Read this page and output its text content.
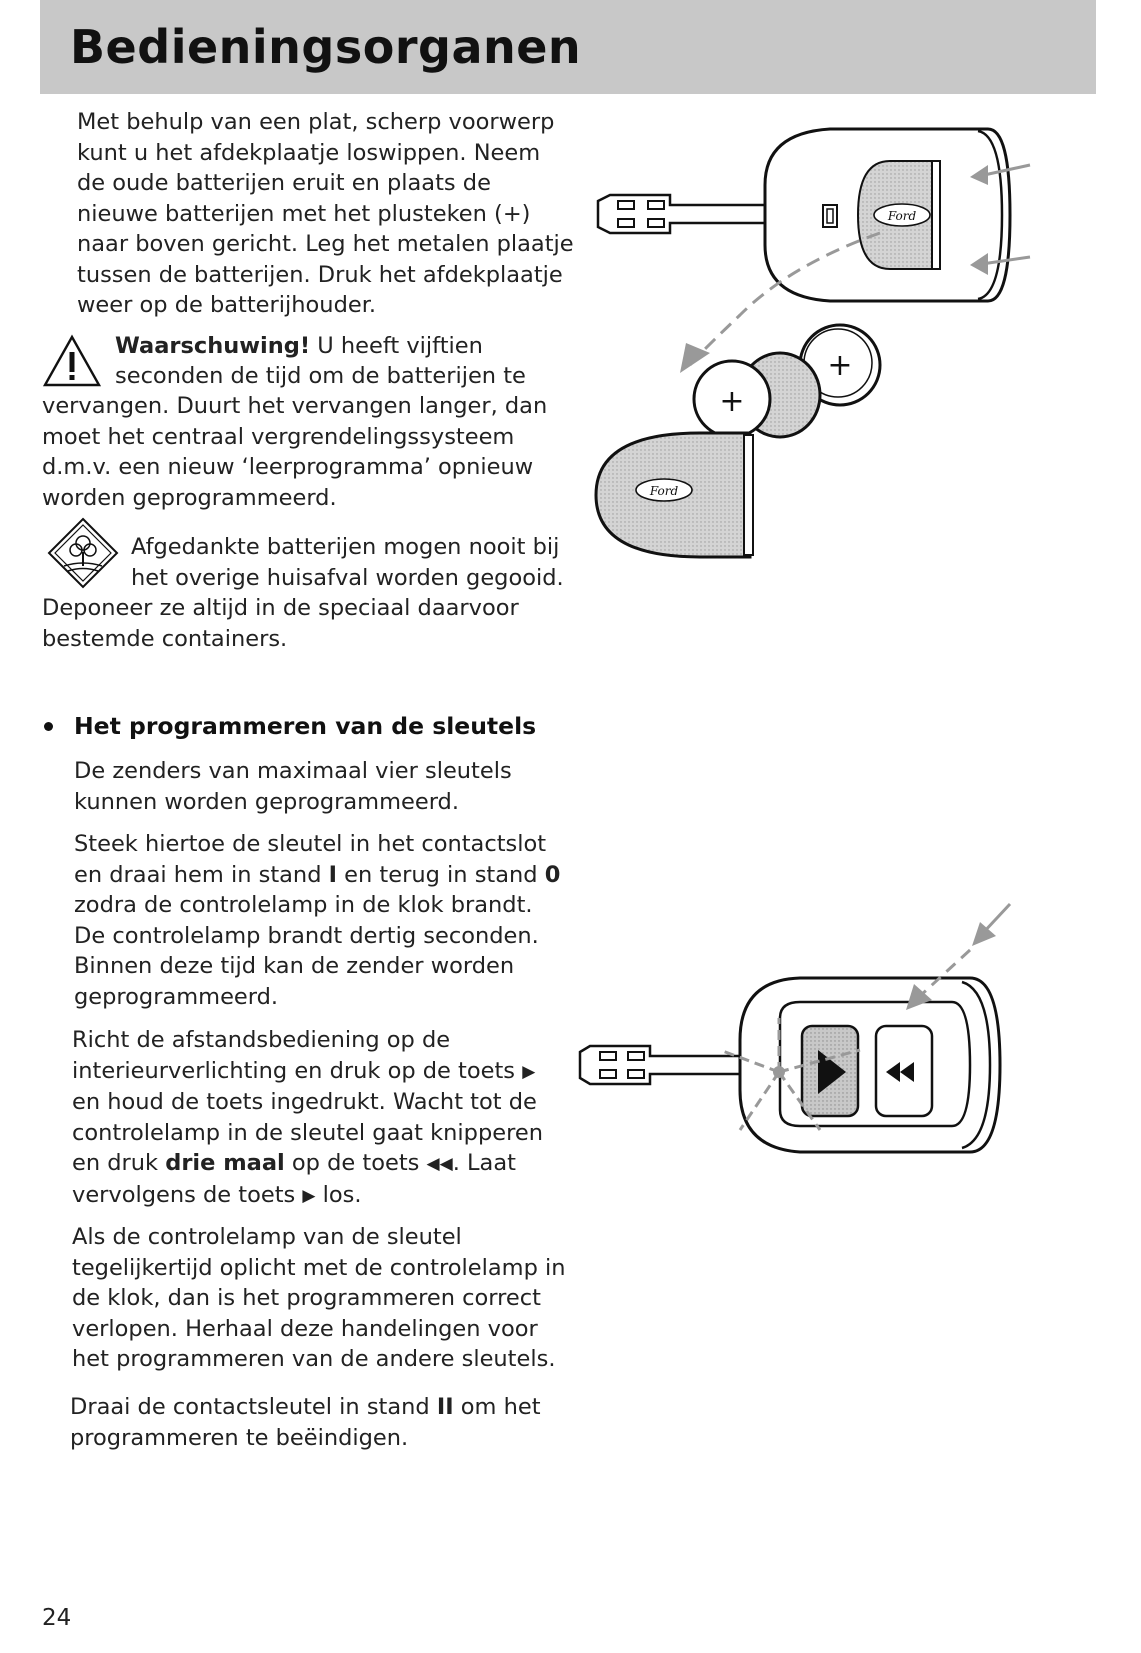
Bedieningsorganen

Met behulp van een plat, scherp voorwerp
kunt u het afdekplaatje loswippen. Neem
de oude batterijen eruit en plaats de
nieuwe batterijen met het plusteken (+)
naar boven gericht. Leg het metalen plaatje
tussen de batterijen. Druk het afdekplaatje
weer op de batterijhouder.

Waarschuwing! U heeft vijftien

seconden de tijd om de batterijen te

vervangen. Duurt het vervangen langer, dan
moet het centraal vergrendelingssysteem
d.m.v. een nieuw ‘leerprogramma’ opnieuw
worden geprogrammeerd.

Afgedankte batterijen mogen nooit bij
het overige huisafval worden gegooid.

Deponeer ze altijd in de speciaal daarvoor
bestemde containers.

Ford
+
+
Ford
Het programmeren van de sleutels

De zenders van maximaal vier sleutels
kunnen worden geprogrammeerd.

Steek hiertoe de sleutel in het contactslot
en draai hem in stand I en terug in stand 0
zodra de controlelamp in de klok brandt.
De controlelamp brandt dertig seconden.
Binnen deze tijd kan de zender worden
geprogrammeerd.

Richt de afstandsbediening op de
interieurverlichting en druk op de toets ▶
en houd de toets ingedrukt. Wacht tot de
controlelamp in de sleutel gaat knipperen
en druk drie maal op de toets ◀◀. Laat
vervolgens de toets ▶ los.

Als de controlelamp van de sleutel
tegelijkertijd oplicht met de controlelamp in
de klok, dan is het programmeren correct
verlopen. Herhaal deze handelingen voor
het programmeren van de andere sleutels.

Draai de contactsleutel in stand II om het
programmeren te beëindigen.

24
